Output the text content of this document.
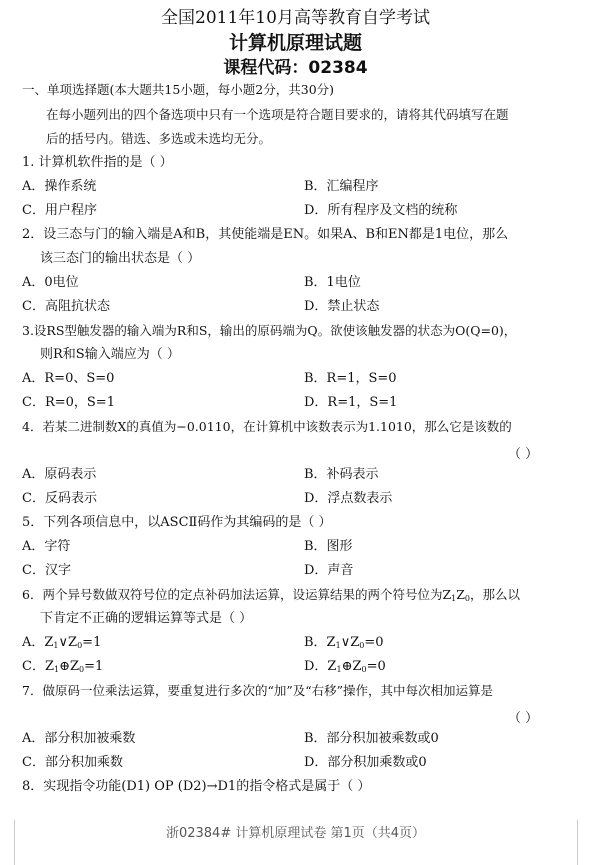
全国2011年10月高等教育自学考试
计算机原理试题
课程代码：02384
一、单项选择题(本大题共15小题，每小题2分，共30分)
在每小题列出的四个备选项中只有一个选项是符合题目要求的，请将其代码填写在题
后的括号内。错选、多选或未选均无分。
1. 计算机软件指的是（ ）
A．操作系统	B．汇编程序
C．用户程序	D．所有程序及文档的统称
2．设三态与门的输入端是A和B，其使能端是EN。如果A、B和EN都是1电位，那么
该三态门的输出状态是（ ）
A．0电位	B．1电位
C．高阻抗状态	D．禁止状态
3.设RS型触发器的输入端为R和S，输出的原码端为Q。欲使该触发器的状态为O(Q=0)，
则R和S输入端应为（ ）
A．R=0、S=0	B．R=1，S=0
C．R=0，S=1	D．R=1，S=1
4．若某二进制数X的真值为−0.0110，在计算机中该数表示为1.1010，那么它是该数的
（ ）
A．原码表示	B．补码表示
C．反码表示	D．浮点数表示
5．下列各项信息中，以ASCⅡ码作为其编码的是（ ）
A．字符	B．图形
C．汉字	D．声音
6．两个异号数做双符号位的定点补码加法运算，设运算结果的两个符号位为$Z_1Z_0$，那么以
下肯定不正确的逻辑运算等式是（ ）
A．$Z_1\vee Z_0=1$	B．$Z_1\vee Z_0=0$
C．$Z_1\oplus Z_0=1$	D．$Z_1\oplus Z_0=0$
7．做原码一位乘法运算，要重复进行多次的“加”及“右移”操作，其中每次相加运算是
（ ）
A．部分积加被乘数	B．部分积加被乘数或0
C．部分积加乘数	D．部分积加乘数或0
8．实现指令功能(D1) OP (D2)→D1的指令格式是属于（ ）
浙02384# 计算机原理试卷 第1页（共4页）
